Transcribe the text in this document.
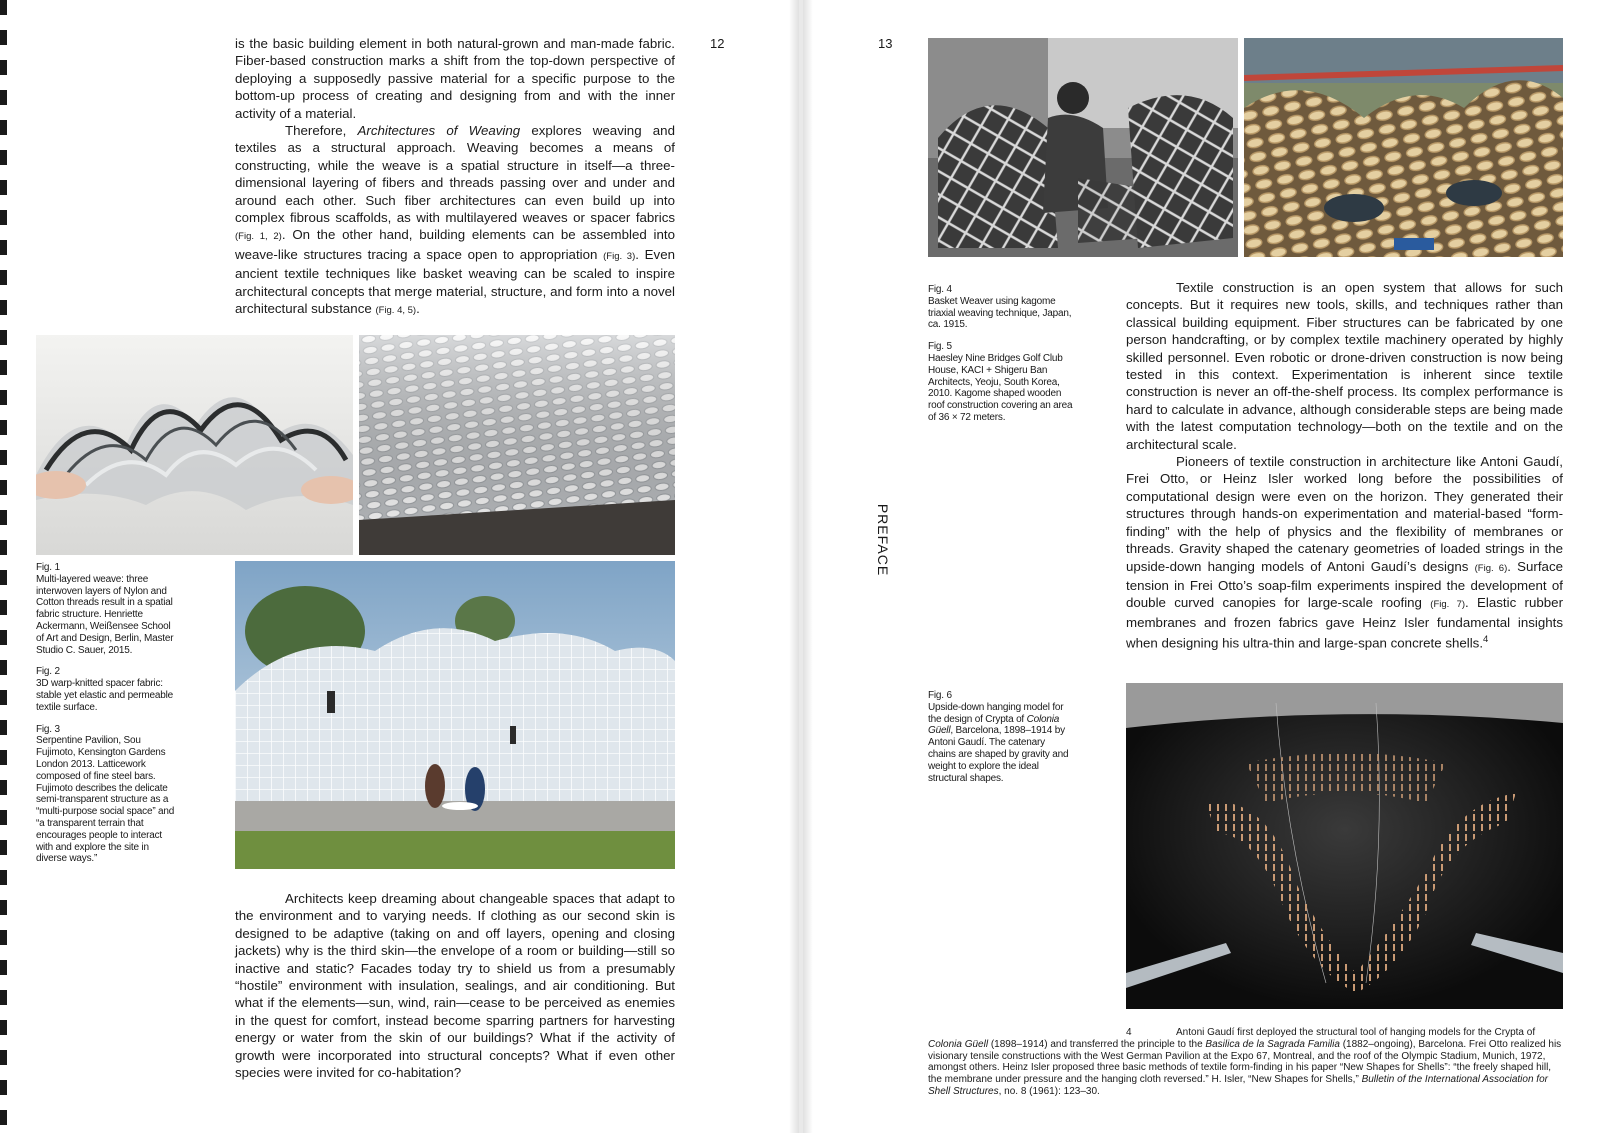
12

is the basic building element in both natural-grown and man-made fabric. Fiber-based construction marks a shift from the top-down perspective of deploying a supposedly passive material for a specific purpose to the bottom-up process of creating and designing from and with the inner activity of a material.

Therefore, Architectures of Weaving explores weaving and textiles as a structural approach. Weaving becomes a means of constructing, while the weave is a spatial structure in itself—a three-dimensional layering of fibers and threads passing over and under and around each other. Such fiber architectures can even build up into complex fibrous scaffolds, as with multilayered weaves or spacer fabrics (Fig. 1, 2). On the other hand, building elements can be assembled into weave-like structures tracing a space open to appropriation (Fig. 3). Even ancient textile techniques like basket weaving can be scaled to inspire architectural concepts that merge material, structure, and form into a novel architectural substance (Fig. 4, 5).

Fig. 1

Multi-layered weave: three interwoven layers of Nylon and Cotton threads result in a spatial fabric structure. Henriette Ackermann, Weißensee School of Art and Design, Berlin, Master Studio C. Sauer, 2015.

Fig. 2

3D warp-knitted spacer fabric: stable yet elastic and permeable textile surface.

Fig. 3

Serpentine Pavilion, Sou Fujimoto, Kensington Gardens London 2013. Latticework composed of fine steel bars. Fujimoto describes the delicate semi-transparent structure as a “multi-purpose social space” and “a transparent terrain that encourages people to interact with and explore the site in diverse ways.”

Architects keep dreaming about changeable spaces that adapt to the environment and to varying needs. If clothing as our second skin is designed to be adaptive (taking on and off layers, opening and closing jackets) why is the third skin—the envelope of a room or building—still so inactive and static? Facades today try to shield us from a presumably “hostile” environment with insulation, sealings, and air conditioning. But what if the elements—sun, wind, rain—cease to be perceived as enemies in the quest for comfort, instead become sparring partners for harvesting energy or water from the skin of our buildings? What if the activity of growth were incorporated into structural concepts? What if even other species were invited for co-habitation?

13

Fig. 4

Basket Weaver using kagome triaxial weaving technique, Japan, ca. 1915.

Fig. 5

Haesley Nine Bridges Golf Club House, KACI + Shigeru Ban Architects, Yeoju, South Korea, 2010. Kagome shaped wooden roof construction covering an area of 36 × 72 meters.

Textile construction is an open system that allows for such concepts. But it requires new tools, skills, and techniques rather than classical building equipment. Fiber structures can be fabricated by one person handcrafting, or by complex textile machinery operated by highly skilled personnel. Even robotic or drone-driven construction is now being tested in this context. Experimentation is inherent since textile construction is never an off-the-shelf process. Its complex performance is hard to calculate in advance, although considerable steps are being made with the latest computation technology—both on the textile and on the architectural scale.

Pioneers of textile construction in architecture like Antoni Gaudí, Frei Otto, or Heinz Isler worked long before the possibilities of computational design were even on the horizon. They generated their structures through hands-on experimentation and material-based “form-finding” with the help of physics and the flexibility of membranes or threads. Gravity shaped the catenary geometries of loaded strings in the upside-down hanging models of Antoni Gaudí’s designs (Fig. 6). Surface tension in Frei Otto’s soap-film experiments inspired the development of double curved canopies for large-scale roofing (Fig. 7). Elastic rubber membranes and frozen fabrics gave Heinz Isler fundamental insights when designing his ultra-thin and large-span concrete shells.$^4$

Fig. 6

Upside-down hanging model for the design of Crypta of Colonia Güell, Barcelona, 1898–1914 by Antoni Gaudí. The catenary chains are shaped by gravity and weight to explore the ideal structural shapes.

4	Antoni Gaudí first deployed the structural tool of hanging models for the Crypta of Colonia Güell (1898–1914) and transferred the principle to the Basilica de la Sagrada Familia (1882–ongoing), Barcelona. Frei Otto realized his visionary tensile constructions with the West German Pavilion at the Expo 67, Montreal, and the roof of the Olympic Stadium, Munich, 1972, amongst others. Heinz Isler proposed three basic methods of textile form-finding in his paper “New Shapes for Shells”: “the freely shaped hill, the membrane under pressure and the hanging cloth reversed.” H. Isler, “New Shapes for Shells,” Bulletin of the International Association for Shell Structures, no. 8 (1961): 123–30.
PREFACE
